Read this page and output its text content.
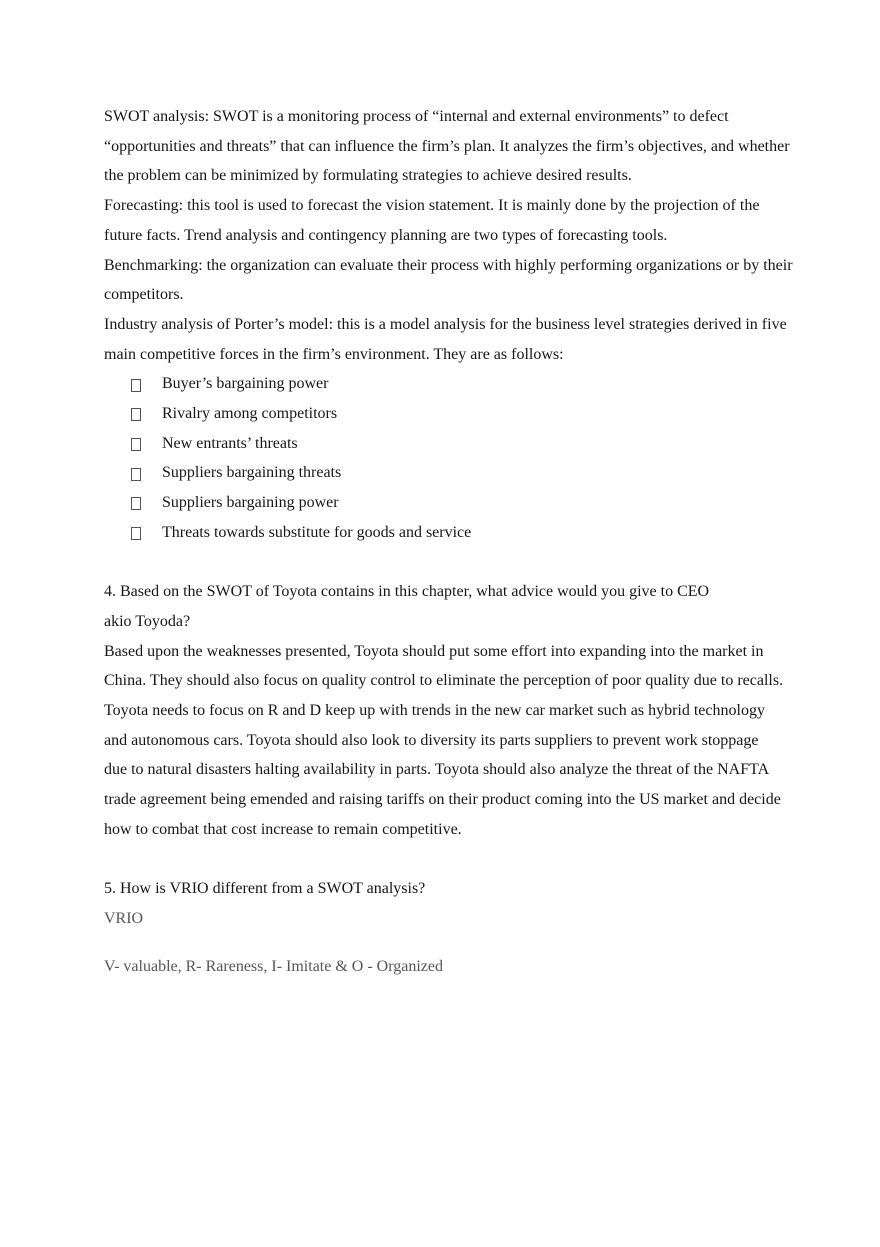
SWOT analysis: SWOT is a monitoring process of “internal and external environments” to defect “opportunities and threats” that can influence the firm’s plan. It analyzes the firm’s objectives, and whether the problem can be minimized by formulating strategies to achieve desired results.

Forecasting: this tool is used to forecast the vision statement. It is mainly done by the projection of the future facts. Trend analysis and contingency planning are two types of forecasting tools.

Benchmarking: the organization can evaluate their process with highly performing organizations or by their competitors.

Industry analysis of Porter’s model: this is a model analysis for the business level strategies derived in five main competitive forces in the firm’s environment. They are as follows:

Buyer’s bargaining power
Rivalry among competitors
New entrants’ threats
Suppliers bargaining threats
Suppliers bargaining power
Threats towards substitute for goods and service

4. Based on the SWOT of Toyota contains in this chapter, what advice would you give to CEO akio Toyoda?

Based upon the weaknesses presented, Toyota should put some effort into expanding into the market in China. They should also focus on quality control to eliminate the perception of poor quality due to recalls. Toyota needs to focus on R and D keep up with trends in the new car market such as hybrid technology and autonomous cars. Toyota should also look to diversity its parts suppliers to prevent work stoppage due to natural disasters halting availability in parts. Toyota should also analyze the threat of the NAFTA trade agreement being emended and raising tariffs on their product coming into the US market and decide how to combat that cost increase to remain competitive.

5. How is VRIO different from a SWOT analysis?

VRIO

V- valuable, R- Rareness, I- Imitate & O - Organized
